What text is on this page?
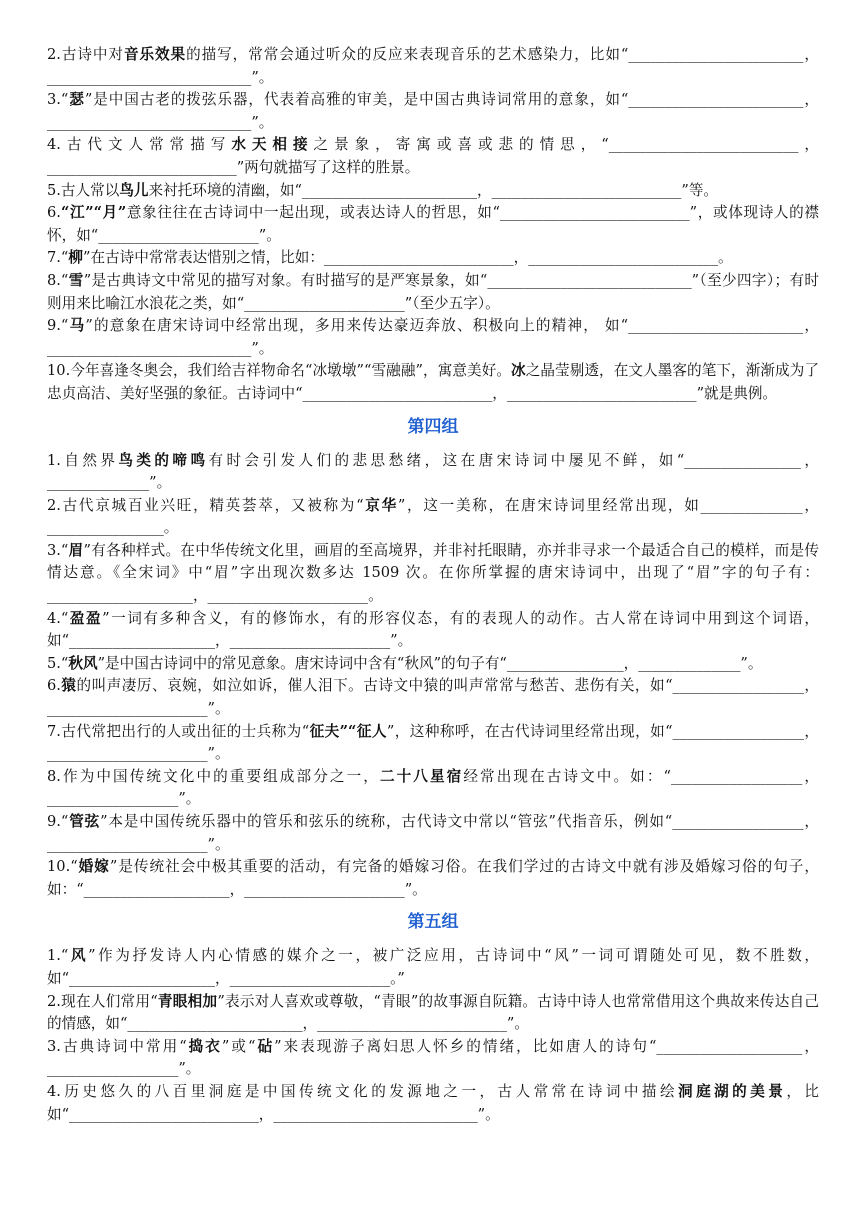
2.古诗中对音乐效果的描写，常常会通过听众的反应来表现音乐的艺术感染力，比如“________________________，____________________________”。

3.“瑟”是中国古老的拨弦乐器，代表着高雅的审美，是中国古典诗词常用的意象，如“________________________，____________________________”。

4.古代文人常常描写水天相接之景象，寄寓或喜或悲的情思，“__________________________，__________________________”两句就描写了这样的胜景。

5.古人常以鸟儿来衬托环境的清幽，如“________________________，__________________________”等。

6.“江”“月”意象往往在古诗词中一起出现，或表达诗人的哲思，如“__________________________”，或体现诗人的襟怀，如“______________________”。

7.“柳”在古诗中常常表达惜别之情，比如：__________________________，__________________________。

8.“雪”是古典诗文中常见的描写对象。有时描写的是严寒景象，如“____________________________”（至少四字）；有时则用来比喻江水浪花之类，如“______________________”（至少五字）。

9.“马”的意象在唐宋诗词中经常出现，多用来传达豪迈奔放、积极向上的精神， 如“________________________，____________________________”。

10.今年喜逢冬奥会，我们给吉祥物命名“冰墩墩”“雪融融”，寓意美好。冰之晶莹剔透，在文人墨客的笔下，渐渐成为了忠贞高洁、美好坚强的象征。古诗词中“__________________________，__________________________”就是典例。

第四组

1.自然界鸟类的啼鸣有时会引发人们的悲思愁绪，这在唐宋诗词中屡见不鲜，如“________________，______________”。

2.古代京城百业兴旺，精英荟萃，又被称为“京华”，这一美称，在唐宋诗词里经常出现，如______________，________________。

3.“眉”有各种样式。在中华传统文化里，画眉的至高境界，并非衬托眼睛，亦并非寻求一个最适合自己的模样，而是传情达意。《全宋词》中“眉”字出现次数多达 1509 次。在你所掌握的唐宋诗词中，出现了“眉”字的句子有：____________________，______________________。

4.“盈盈”一词有多种含义，有的修饰水，有的形容仪态，有的表现人的动作。古人常在诗词中用到这个词语，如“____________________，______________________”。

5.“秋风”是中国古诗词中的常见意象。唐宋诗词中含有“秋风”的句子有“________________，______________”。

6.猿的叫声凄厉、哀婉，如泣如诉，催人泪下。古诗文中猿的叫声常常与愁苦、悲伤有关，如“__________________，______________________”。

7.古代常把出行的人或出征的士兵称为“征夫”“征人”，这种称呼，在古代诗词里经常出现，如“__________________，______________________”。

8.作为中国传统文化中的重要组成部分之一，二十八星宿经常出现在古诗文中。如：“__________________，__________________”。

9.“管弦”本是中国传统乐器中的管乐和弦乐的统称，古代诗文中常以“管弦”代指音乐，例如“__________________，______________________”。

10.“婚嫁”是传统社会中极其重要的活动，有完备的婚嫁习俗。在我们学过的古诗文中就有涉及婚嫁习俗的句子，如：“____________________，______________________”。

第五组

1.“风”作为抒发诗人内心情感的媒介之一，被广泛应用，古诗词中“风”一词可谓随处可见，数不胜数，如“____________________，______________________。”

2.现在人们常用“青眼相加”表示对人喜欢或尊敬，“青眼”的故事源自阮籍。古诗中诗人也常常借用这个典故来传达自己的情感，如“________________________，__________________________”。

3.古典诗词中常用“捣衣”或“砧”来表现游子离妇思人怀乡的情绪，比如唐人的诗句“____________________，__________________”。

4.历史悠久的八百里洞庭是中国传统文化的发源地之一，古人常常在诗词中描绘洞庭湖的美景，比如“__________________________，____________________________”。
